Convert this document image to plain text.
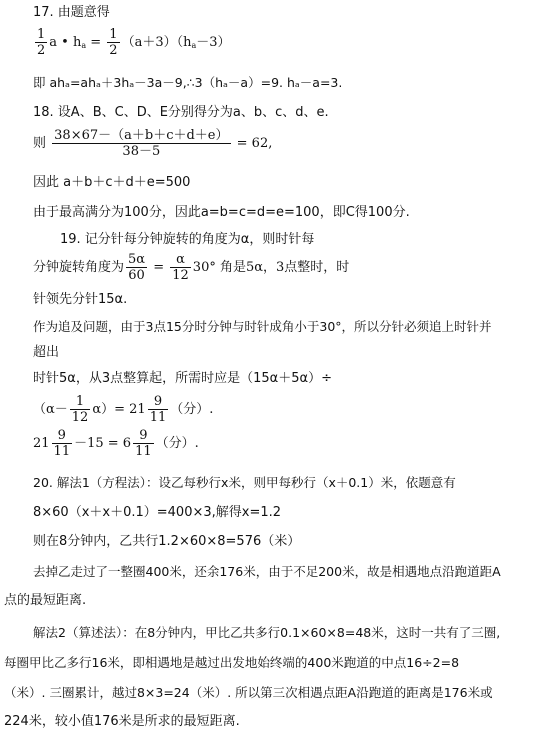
17. 由题意得
$\frac{1}{2}$ a • $h_a = \frac{1}{2} (a+3)(h_a-3)$
即 ahₐ=ahₐ＋3hₐ－3a－9,∴3（hₐ－a）=9. hₐ－a=3.
18. 设A、B、C、D、E分别得分为a、b、c、d、e.
则 $\frac{38\times 67-(a+b+c+d+e)}{38-5} = 62$,
因此 a＋b＋c＋d＋e=500
由于最高满分为100分，因此a=b=c=d=e=100，即C得100分.
19. 记分针每分钟旋转的角度为α，则时针每
分钟旋转角度为 $\frac{5\alpha}{60} = \frac{\alpha}{12} 30^\circ$ 角是5α，3点整时，时
针领先分针15α.
作为追及问题，由于3点15分时分钟与时针成角小于30°，所以分针必须追上时针并
超出
时针5α，从3点整算起，所需时应是（15α＋5α）÷
$(\alpha- \frac{1}{12} \alpha)= 21 \frac{9}{11}$ （分）.
$21 \frac{9}{11} -15 = 6 \frac{9}{11}$ （分）.
20. 解法1（方程法）：设乙每秒行x米，则甲每秒行（x＋0.1）米，依题意有
8×60（x＋x＋0.1）=400×3,解得x=1.2
则在8分钟内，乙共行1.2×60×8=576（米）
去掉乙走过了一整圈400米，还余176米，由于不足200米，故是相遇地点沿跑道距A
点的最短距离.
解法2（算述法）：在8分钟内，甲比乙共多行0.1×60×8=48米，这时一共有了三圈,
每圈甲比乙多行16米，即相遇地是越过出发地始终端的400米跑道的中点16÷2=8
（米）. 三圈累计，越过8×3=24（米）. 所以第三次相遇点距A沿跑道的距离是176米或
224米，较小值176米是所求的最短距离.
